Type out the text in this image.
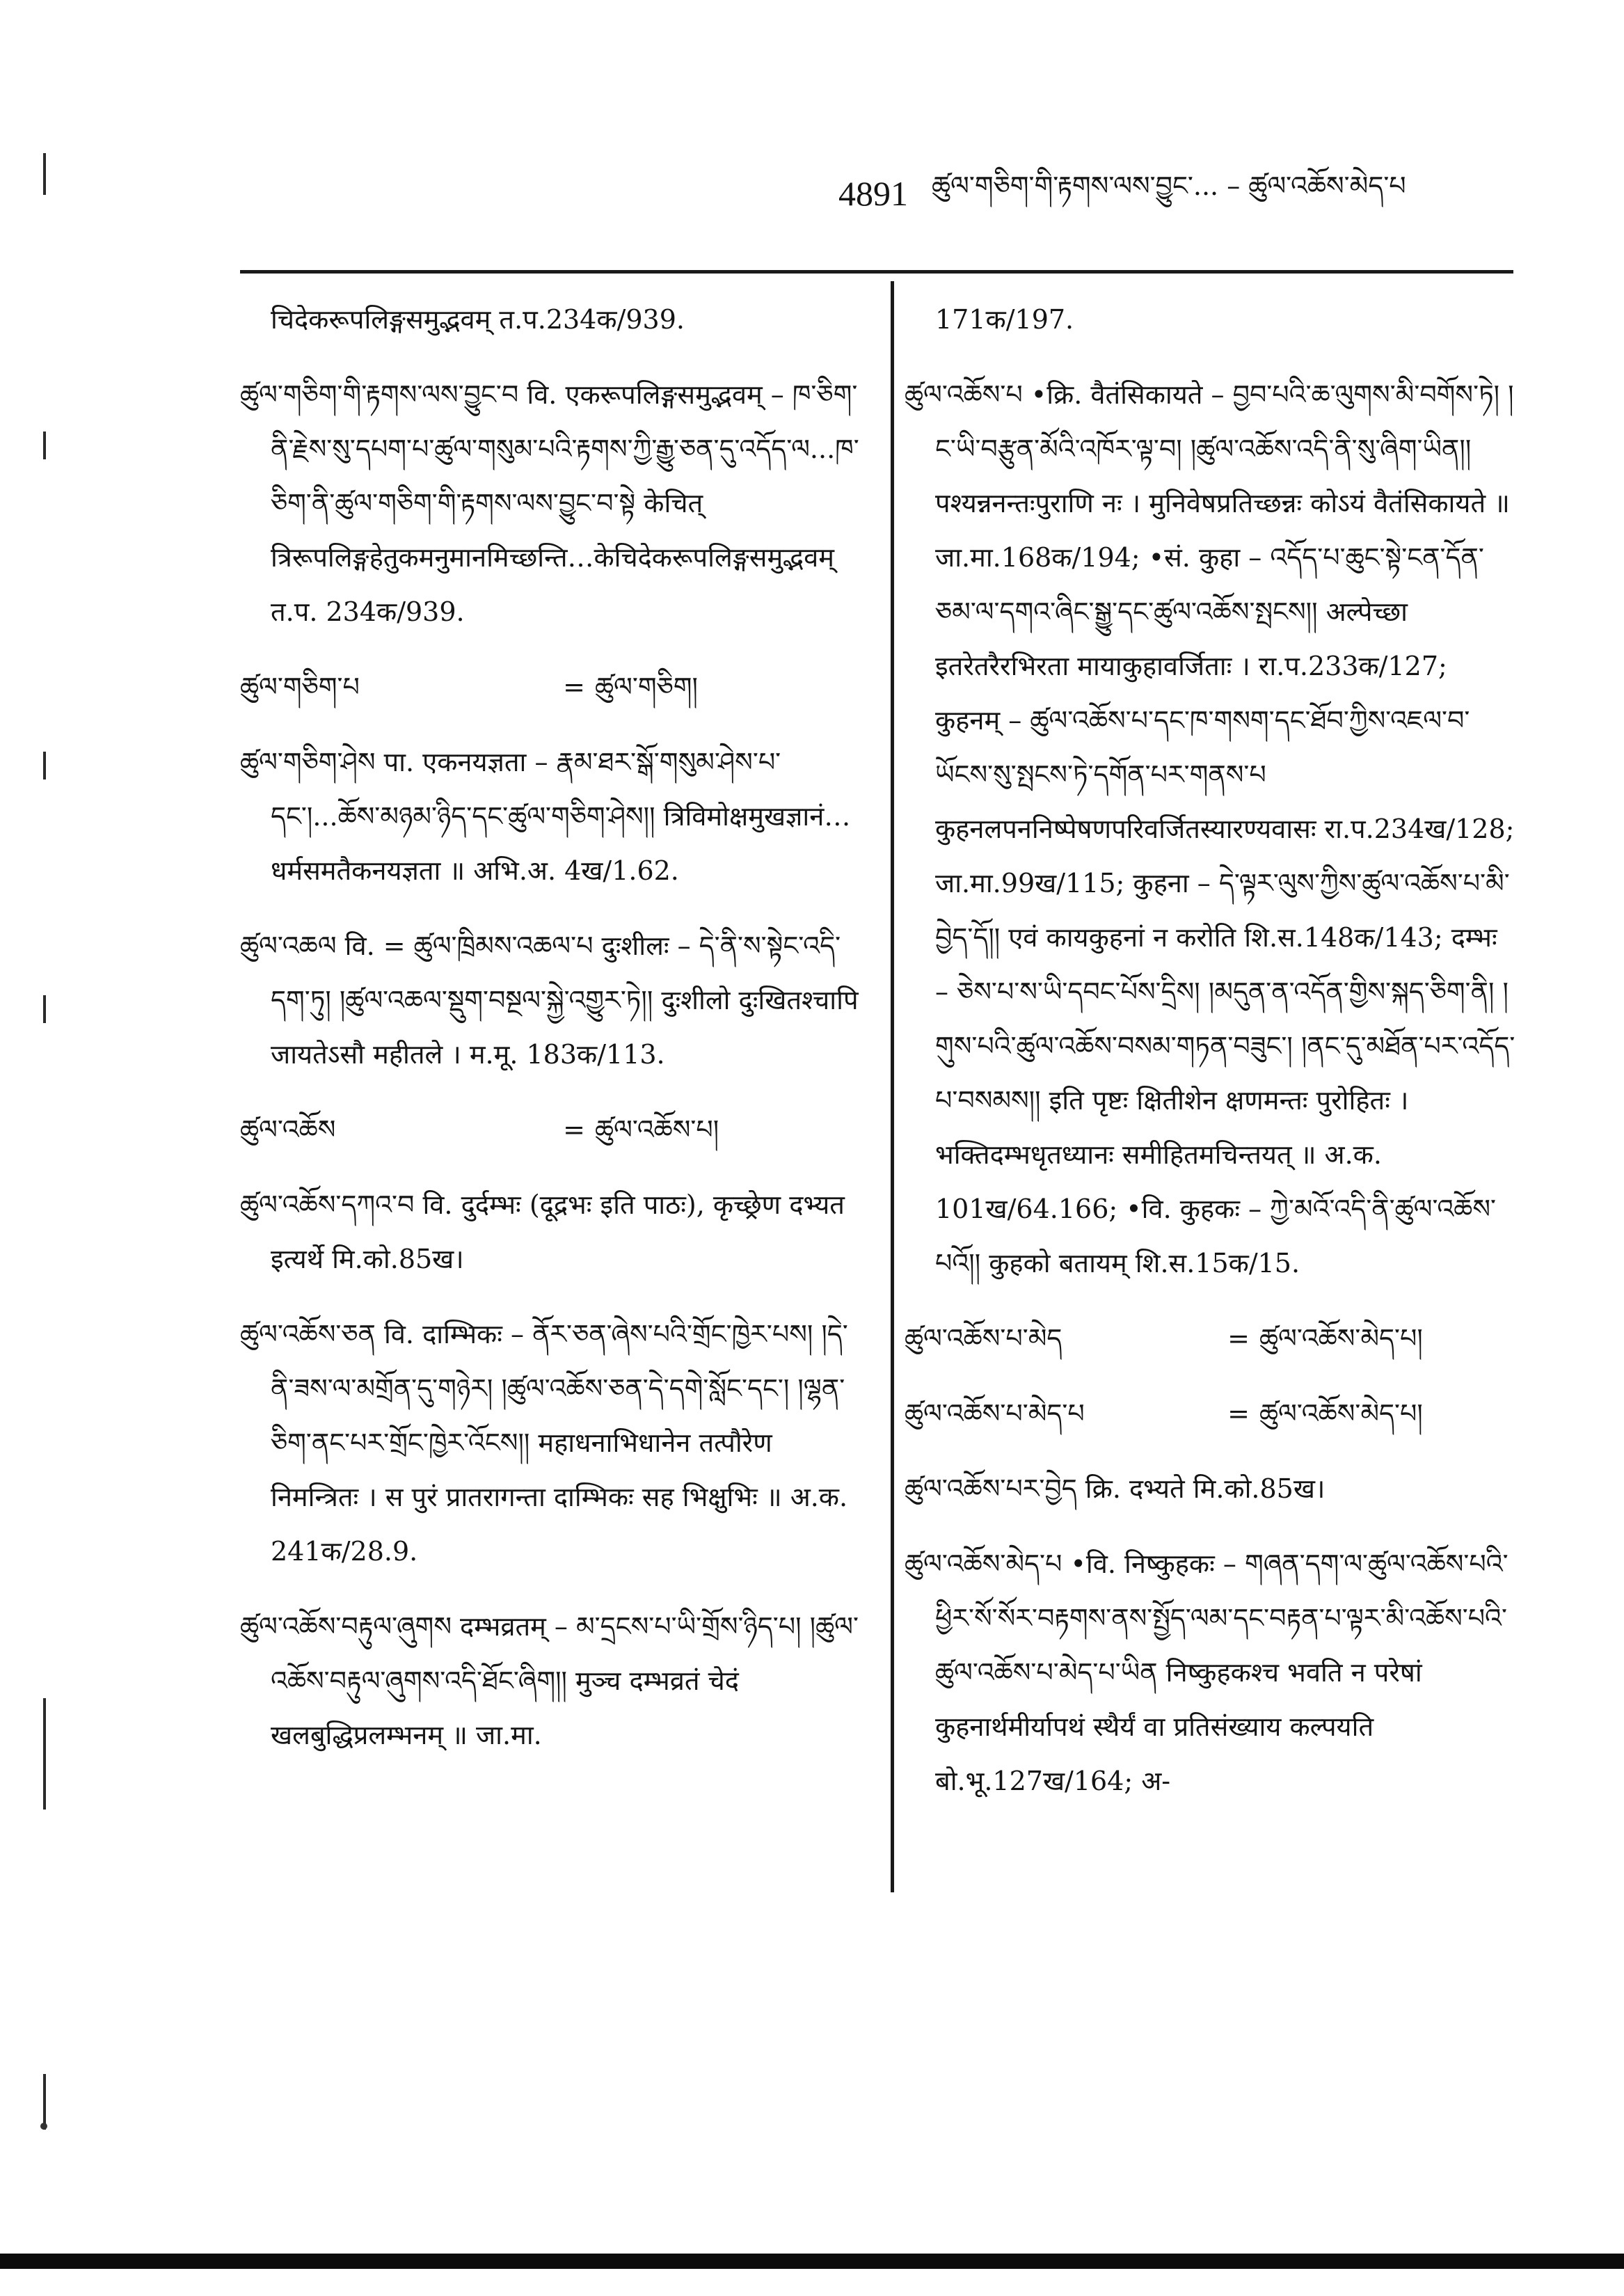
4891 ཚུལ་གཅིག་གི་རྟགས་ལས་བྱུང་... – ཚུལ་འཆོས་མེད་པ
चिदेकरूपलिङ्गसमुद्भवम् त.प.234क/939.
ཚུལ་གཅིག་གི་རྟགས་ལས་བྱུང་བ वि. एकरूपलिङ्गसमुद्भवम् – ཁ་ཅིག་ནི་རྗེས་སུ་དཔག་པ་ཚུལ་གསུམ་པའི་རྟགས་ཀྱི་རྒྱུ་ཅན་དུ་འདོད་ལ...ཁ་ཅིག་ནི་ཚུལ་གཅིག་གི་རྟགས་ལས་བྱུང་བ་སྟེ केचित् त्रिरूपलिङ्गहेतुकमनुमानमिच्छन्ति…केचिदेकरूपलिङ्गसमुद्भवम् त.प. 234क/939.
ཚུལ་གཅིག་པ	= ཚུལ་གཅིག།
ཚུལ་གཅིག་ཤེས पा. एकनयज्ञता – རྣམ་ཐར་སྒོ་གསུམ་ཤེས་པ་དང་།...ཆོས་མཉམ་ཉིད་དང་ཚུལ་གཅིག་ཤེས།། त्रिविमोक्षमुखज्ञानं…धर्मसमतैकनयज्ञता ॥ अभि.अ. 4ख/1.62.
ཚུལ་འཆལ वि. = ཚུལ་ཁྲིམས་འཆལ་པ दुःशीलः – དེ་ནི་ས་སྟེང་འདི་དག་ཏུ། །ཚུལ་འཆལ་སྡུག་བསྔལ་སྐྱེ་འགྱུར་ཏེ།། दुःशीलो दुःखितश्चापि जायतेऽसौ महीतले । म.मू. 183क/113.
ཚུལ་འཆོས	= ཚུལ་འཆོས་པ།
ཚུལ་འཆོས་དཀའ་བ वि. दुर्दम्भः (दूद्रभः इति पाठः), कृच्छ्रेण दभ्यत इत्यर्थे मि.को.85ख।
ཚུལ་འཆོས་ཅན वि. दाम्भिकः – ནོར་ཅན་ཞེས་པའི་གྲོང་ཁྱེར་པས། །དེ་ནི་ཟས་ལ་མགྲོན་དུ་གཉེར། །ཚུལ་འཆོས་ཅན་དེ་དགེ་སློང་དང་། །ལྷན་ཅིག་ནང་པར་གྲོང་ཁྱེར་འོངས།། महाधनाभिधानेन तत्पौरेण निमन्त्रितः । स पुरं प्रातरागन्ता दाम्भिकः सह भिक्षुभिः ॥ अ.क. 241क/28.9.
ཚུལ་འཆོས་བརྟུལ་ཞུགས दम्भव्रतम् – མ་དྲངས་པ་ཡི་གྲོས་ཉིད་པ། །ཚུལ་འཆོས་བརྟུལ་ཞུགས་འདི་ཐོང་ཞིག།། मुञ्च दम्भव्रतं चेदं खलबुद्धिप्रलम्भनम् ॥ जा.मा.
171क/197.
ཚུལ་འཆོས་པ •क्रि. वैतंसिकायते – བྱབ་པའི་ཆ་ལུགས་མི་བགོས་ཏེ། །ང་ཡི་བརྩུན་མོའི་འཁོར་ལྟ་བ། །ཚུལ་འཆོས་འདི་ནི་སུ་ཞིག་ཡིན།། पश्यन्ननन्तःपुराणि नः । मुनिवेषप्रतिच्छन्नः कोऽयं वैतंसिकायते ॥ जा.मा.168क/194; •सं. कुहा – འདོད་པ་ཆུང་སྟེ་ངན་དོན་ཅམ་ལ་དགའ་ཞིང་སྒྱུ་དང་ཚུལ་འཆོས་སྤངས།། अल्पेच्छा इतरेतरैरभिरता मायाकुहावर्जिताः । रा.प.233क/127; कुहनम् – ཚུལ་འཆོས་པ་དང་ཁ་གསག་དང་ཐོབ་ཀྱིས་འཇལ་བ་ཡོངས་སུ་སྤངས་ཏེ་དགོན་པར་གནས་པ कुहनलपननिष्पेषणपरिवर्जितस्यारण्यवासः रा.प.234ख/128; जा.मा.99ख/115; कुहना – དེ་ལྟར་ལུས་ཀྱིས་ཚུལ་འཆོས་པ་མི་བྱེད་དོ།། एवं कायकुहनां न करोति शि.स.148क/143; दम्भः – ཅེས་པ་ས་ཡི་དབང་པོས་དྲིས། །མདུན་ན་འདོན་གྱིས་སྐད་ཅིག་ནི། །གུས་པའི་ཚུལ་འཆོས་བསམ་གཏན་བཟུང་། །ནང་དུ་མཐོན་པར་འདོད་པ་བསམས།། इति पृष्टः क्षितीशेन क्षणमन्तः पुरोहितः । भक्तिदम्भधृतध्यानः समीहितमचिन्तयत् ॥ अ.क. 101ख/64.166; •वि. कुहकः – ཀྱེ་མའོ་འདི་ནི་ཚུལ་འཆོས་པའོ།། कुहको बतायम् शि.स.15क/15.
ཚུལ་འཆོས་པ་མེད	= ཚུལ་འཆོས་མེད་པ།
ཚུལ་འཆོས་པ་མེད་པ	= ཚུལ་འཆོས་མེད་པ།
ཚུལ་འཆོས་པར་བྱེད क्रि. दभ्यते मि.को.85ख।
ཚུལ་འཆོས་མེད་པ •वि. निष्कुहकः – གཞན་དག་ལ་ཚུལ་འཆོས་པའི་ཕྱིར་སོ་སོར་བརྟགས་ནས་སྤྱོད་ལམ་དང་བརྟན་པ་ལྟར་མི་འཆོས་པའི་ཚུལ་འཆོས་པ་མེད་པ་ཡིན निष्कुहकश्च भवति न परेषां कुहनार्थमीर्यापथं स्थैर्यं वा प्रतिसंख्याय कल्पयति बो.भू.127ख/164; अ-
